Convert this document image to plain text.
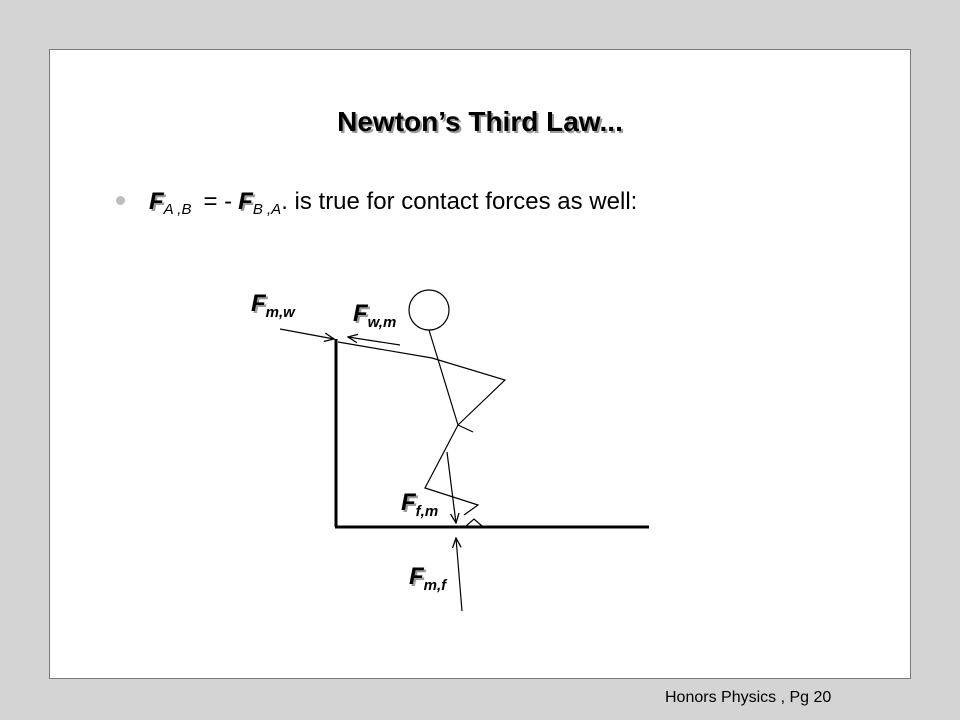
Newton’s Third Law...
$F_{A ,B}$ = - $F_{B ,A}$. is true for contact forces as well:
Fm,w Fw,m
Ff,m
Fm,f
Honors Physics , Pg 20
